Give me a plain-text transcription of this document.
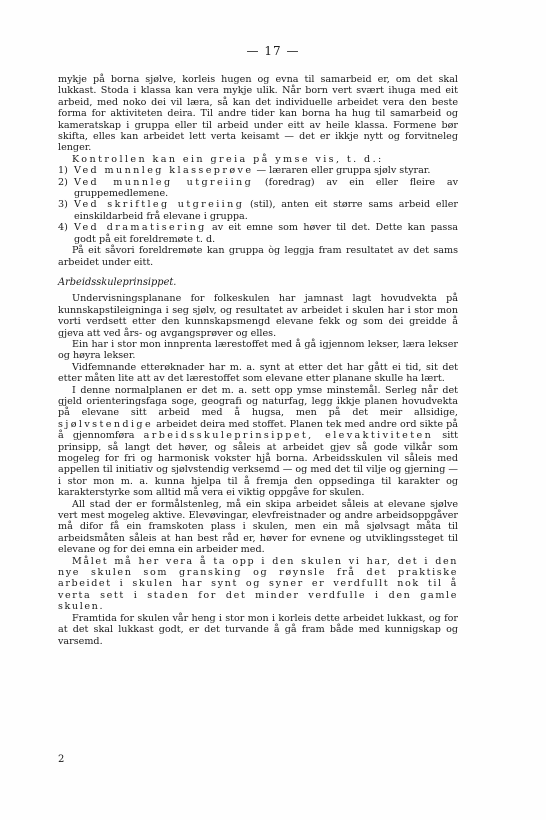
— 17 —

mykje på borna sjølve, korleis hugen og evna til samarbeid er, om det skal lukkast. Stoda i klassa kan vera mykje ulik. Når born vert svært ihuga med eit arbeid, med noko dei vil læra, så kan det individuelle arbeidet vera den beste forma for aktiviteten deira. Til andre tider kan borna ha hug til samarbeid og kameratskap i gruppa eller til arbeid under eitt av heile klassa. Formene bør skifta, elles kan arbeidet lett verta keisamt — det er ikkje nytt og forvitneleg lenger.

Kontrollen kan ein greia på ymse vis, t. d.:

1) Ved munnleg klasseprøve — læraren eller gruppa sjølv styrar.
2) Ved munnleg utgreiing (foredrag) av ein eller fleire av gruppemedlemene.
3) Ved skriftleg utgreiing (stil), anten eit større sams arbeid eller einskildarbeid frå elevane i gruppa.
4) Ved dramatisering av eit emne som høver til det. Dette kan passa godt på eit foreldremøte t. d.

På eit såvori foreldremøte kan gruppa òg leggja fram resultatet av det sams arbeidet under eitt.

Arbeidsskuleprinsippet.

Undervisningsplanane for folkeskulen har jamnast lagt hovudvekta på kunnskapstileigninga i seg sjølv, og resultatet av arbeidet i skulen har i stor mon vorti verdsett etter den kunnskapsmengd elevane fekk og som dei greidde å gjeva att ved års- og avgangsprøver og elles.

Ein har i stor mon innprenta lærestoffet med å gå igjennom lekser, læra lekser og høyra lekser.

Vidfemnande etterøknader har m. a. synt at etter det har gått ei tid, sit det etter måten lite att av det lærestoffet som elevane etter planane skulle ha lært.

I denne normalplanen er det m. a. sett opp ymse minstemål. Serleg når det gjeld orienteringsfaga soge, geografi og naturfag, legg ikkje planen hovudvekta på elevane sitt arbeid med å hugsa, men på det meir allsidige, sjølvstendige arbeidet deira med stoffet. Planen tek med andre ord sikte på å gjennomføra arbeidsskuleprinsippet, elevaktiviteten sitt prinsipp, så langt det høver, og såleis at arbeidet gjev så gode vilkår som mogeleg for fri og harmonisk vokster hjå borna. Arbeidsskulen vil såleis med appellen til initiativ og sjølvstendig verksemd — og med det til vilje og gjerning — i stor mon m. a. kunna hjelpa til å fremja den oppsedinga til karakter og karakterstyrke som alltid må vera ei viktig oppgåve for skulen.

All stad der er formålstenleg, må ein skipa arbeidet såleis at elevane sjølve vert mest mogeleg aktive. Elevøvingar, elevfreistnader og andre arbeidsoppgåver må difor få ein framskoten plass i skulen, men ein må sjølvsagt måta til arbeidsmåten såleis at han best råd er, høver for evnene og utviklingssteget til elevane og for dei emna ein arbeider med.

Målet må her vera å ta opp i den skulen vi har, det i den nye skulen som gransking og røynsle frå det praktiske arbeidet i skulen har synt og syner er verdfullt nok til å verta sett i staden for det minder verdfulle i den gamle skulen.

Framtida for skulen vår heng i stor mon i korleis dette arbeidet lukkast, og for at det skal lukkast godt, er det turvande å gå fram både med kunnigskap og varsemd.

2
